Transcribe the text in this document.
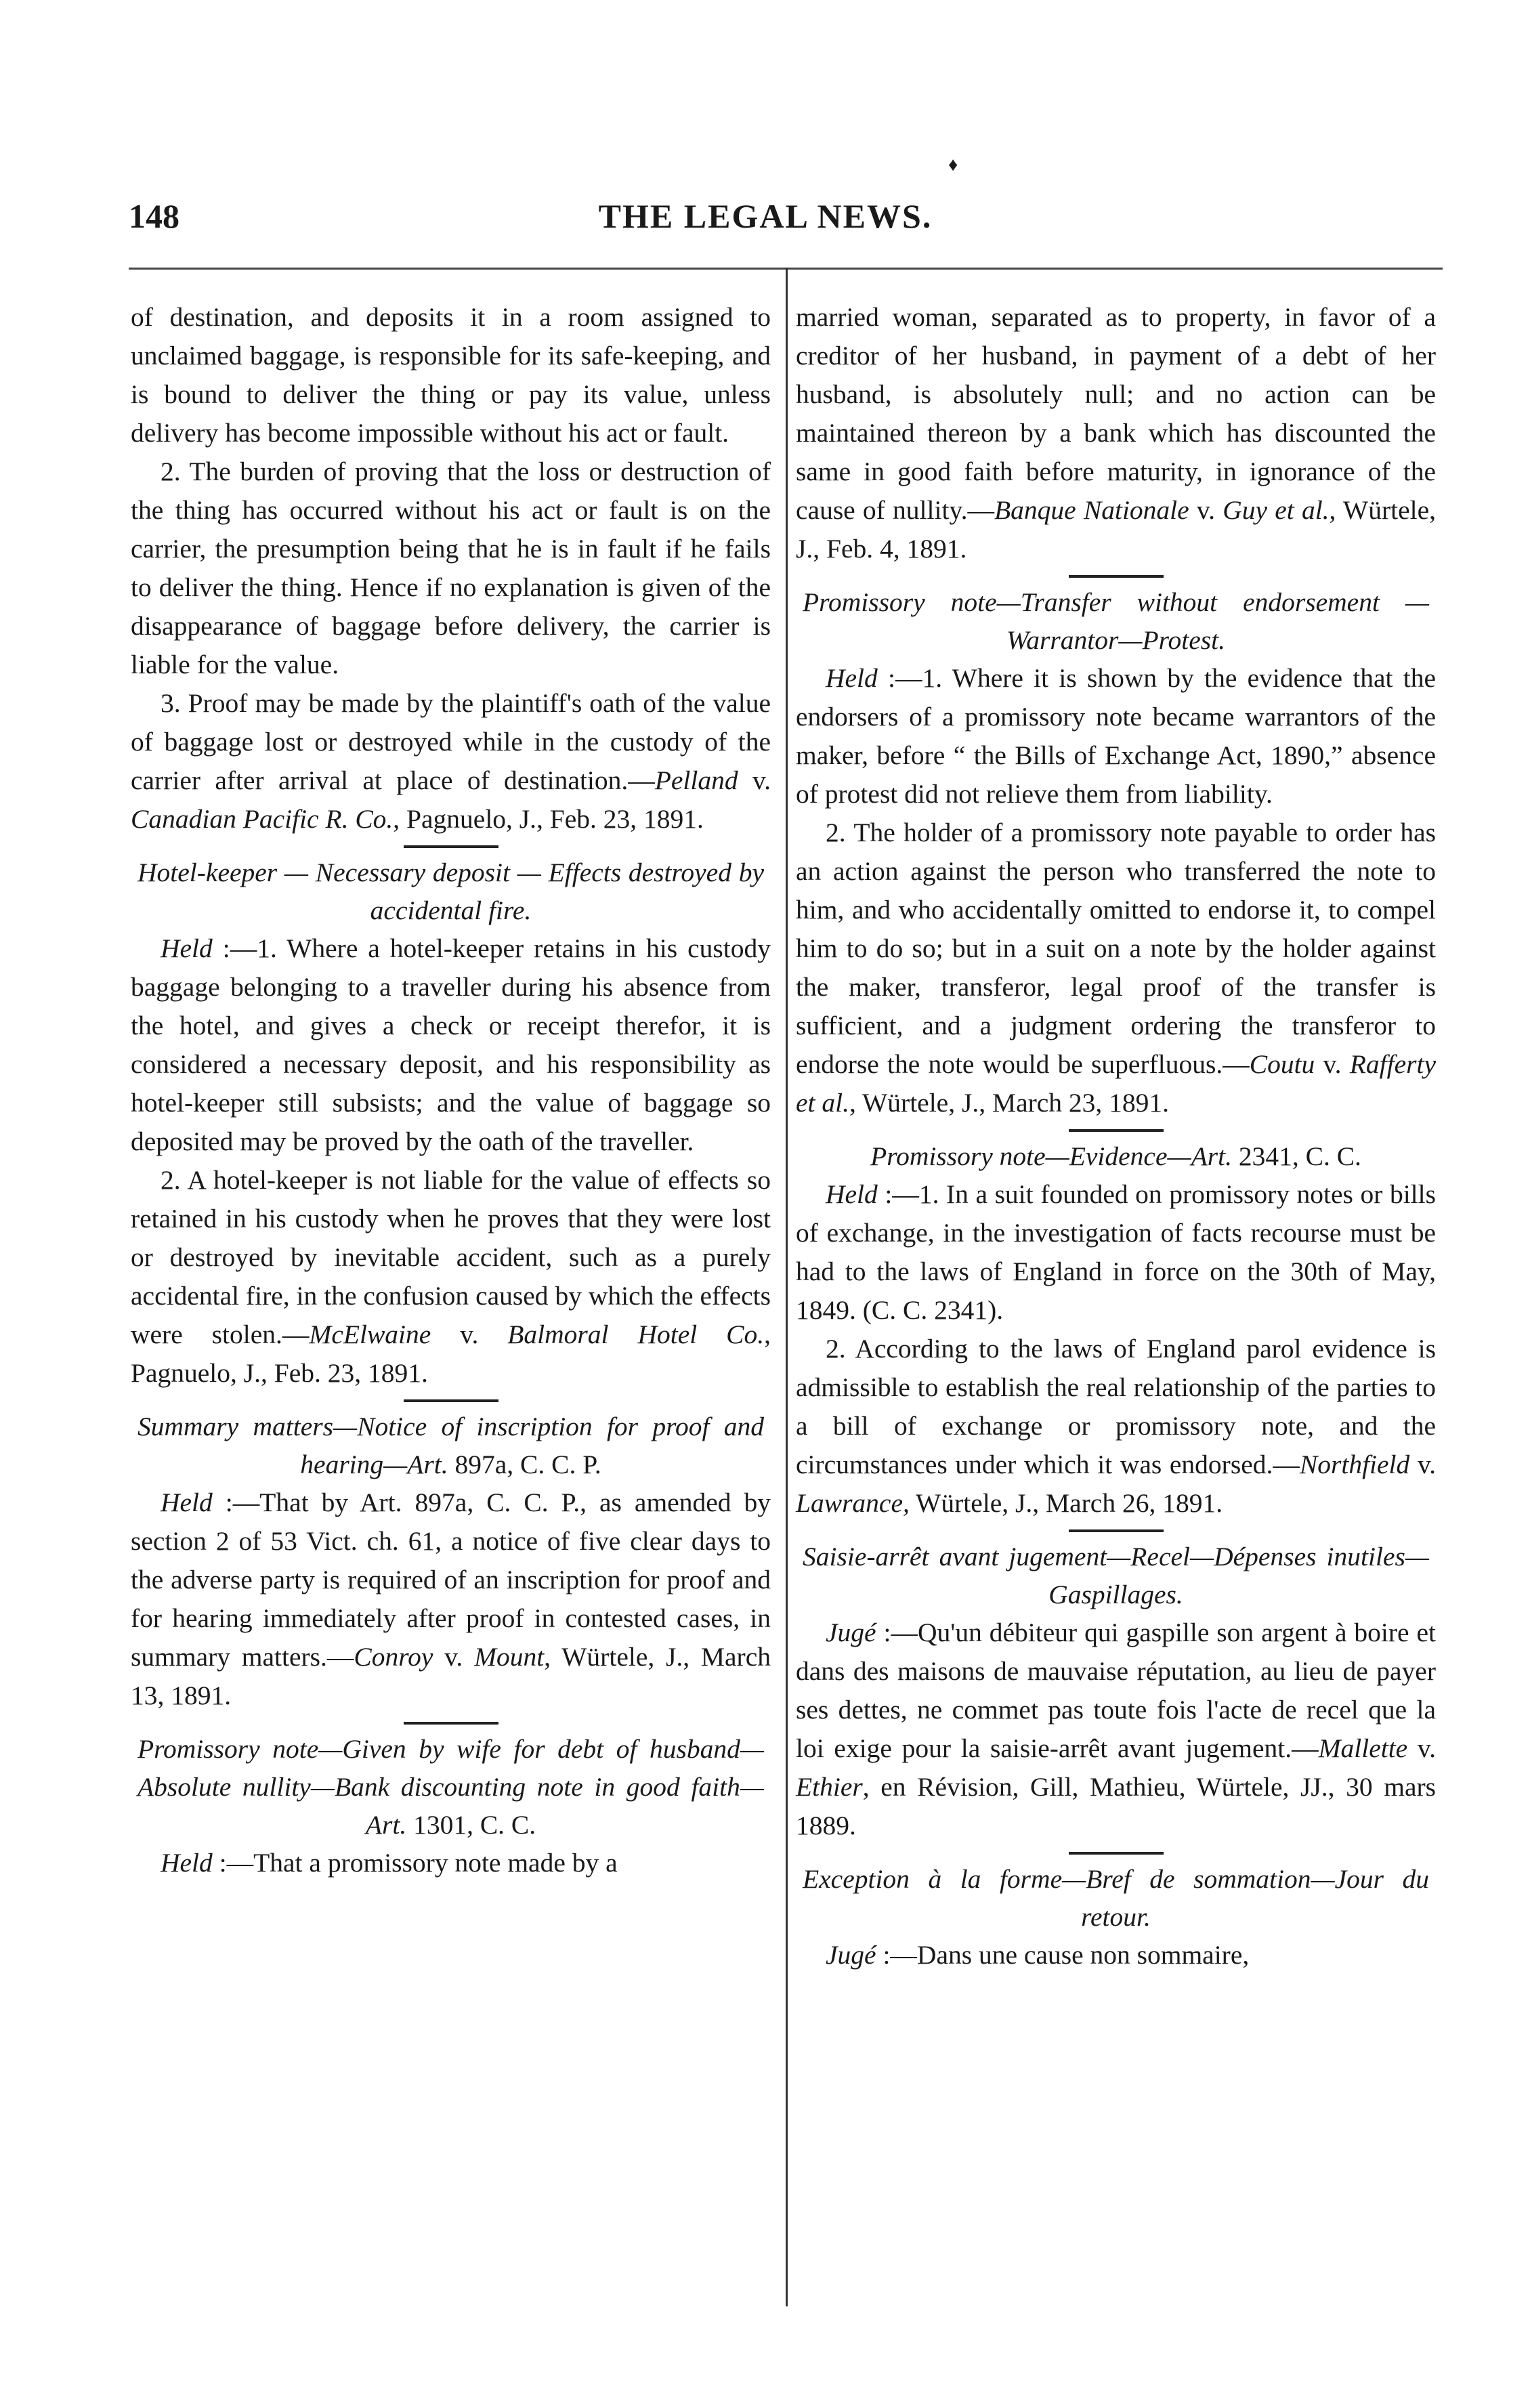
148	THE LEGAL NEWS.
♦

of destination, and deposits it in a room assigned to unclaimed baggage, is responsible for its safe-keeping, and is bound to deliver the thing or pay its value, unless delivery has become impossible without his act or fault.

2. The burden of proving that the loss or destruction of the thing has occurred without his act or fault is on the carrier, the presumption being that he is in fault if he fails to deliver the thing. Hence if no explanation is given of the disappearance of baggage before delivery, the carrier is liable for the value.

3. Proof may be made by the plaintiff's oath of the value of baggage lost or destroyed while in the custody of the carrier after arrival at place of destination.—Pelland v. Canadian Pacific R. Co., Pagnuelo, J., Feb. 23, 1891.

Hotel-keeper — Necessary deposit — Effects destroyed by accidental fire.

Held :—1. Where a hotel-keeper retains in his custody baggage belonging to a traveller during his absence from the hotel, and gives a check or receipt therefor, it is considered a necessary deposit, and his responsibility as hotel-keeper still subsists; and the value of baggage so deposited may be proved by the oath of the traveller.

2. A hotel-keeper is not liable for the value of effects so retained in his custody when he proves that they were lost or destroyed by inevitable accident, such as a purely accidental fire, in the confusion caused by which the effects were stolen.—McElwaine v. Balmoral Hotel Co., Pagnuelo, J., Feb. 23, 1891.

Summary matters—Notice of inscription for proof and hearing—Art. 897a, C. C. P.

Held :—That by Art. 897a, C. C. P., as amended by section 2 of 53 Vict. ch. 61, a notice of five clear days to the adverse party is required of an inscription for proof and for hearing immediately after proof in contested cases, in summary matters.—Conroy v. Mount, Würtele, J., March 13, 1891.

Promissory note—Given by wife for debt of husband—Absolute nullity—Bank discounting note in good faith—Art. 1301, C. C.

Held :—That a promissory note made by a

married woman, separated as to property, in favor of a creditor of her husband, in payment of a debt of her husband, is absolutely null; and no action can be maintained thereon by a bank which has discounted the same in good faith before maturity, in ignorance of the cause of nullity.—Banque Nationale v. Guy et al., Würtele, J., Feb. 4, 1891.

Promissory note—Transfer without endorsement — Warrantor—Protest.

Held :—1. Where it is shown by the evidence that the endorsers of a promissory note became warrantors of the maker, before “ the Bills of Exchange Act, 1890,” absence of protest did not relieve them from liability.

2. The holder of a promissory note payable to order has an action against the person who transferred the note to him, and who accidentally omitted to endorse it, to compel him to do so; but in a suit on a note by the holder against the maker, transferor, legal proof of the transfer is sufficient, and a judgment ordering the transferor to endorse the note would be superfluous.—Coutu v. Rafferty et al., Würtele, J., March 23, 1891.

Promissory note—Evidence—Art. 2341, C. C.

Held :—1. In a suit founded on promissory notes or bills of exchange, in the investigation of facts recourse must be had to the laws of England in force on the 30th of May, 1849. (C. C. 2341).

2. According to the laws of England parol evidence is admissible to establish the real relationship of the parties to a bill of exchange or promissory note, and the circumstances under which it was endorsed.—Northfield v. Lawrance, Würtele, J., March 26, 1891.

Saisie-arrêt avant jugement—Recel—Dépenses inutiles—Gaspillages.

Jugé :—Qu'un débiteur qui gaspille son argent à boire et dans des maisons de mauvaise réputation, au lieu de payer ses dettes, ne commet pas toute fois l'acte de recel que la loi exige pour la saisie-arrêt avant jugement.—Mallette v. Ethier, en Révision, Gill, Mathieu, Würtele, JJ., 30 mars 1889.

Exception à la forme—Bref de sommation—Jour du retour.

Jugé :—Dans une cause non sommaire,
